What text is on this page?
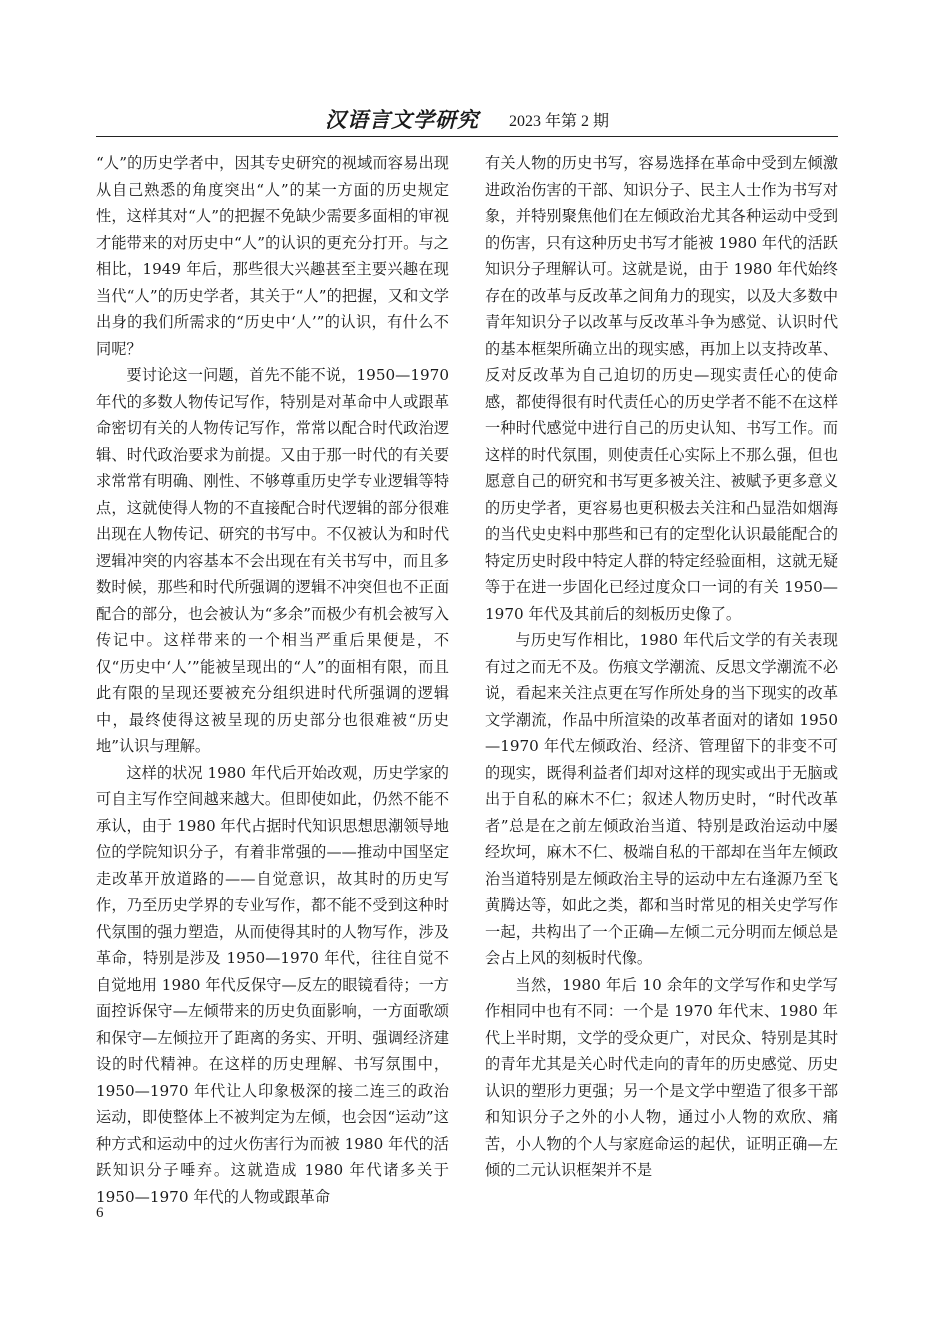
汉语言文学研究 2023 年第 2 期

“人”的历史学者中，因其专史研究的视域而容易出现从自己熟悉的角度突出“人”的某一方面的历史规定性，这样其对“人”的把握不免缺少需要多面相的审视才能带来的对历史中“人”的认识的更充分打开。与之相比，1949 年后，那些很大兴趣甚至主要兴趣在现当代“人”的历史学者，其关于“人”的把握，又和文学出身的我们所需求的“历史中‘人’”的认识，有什么不同呢？

要讨论这一问题，首先不能不说，1950—1970 年代的多数人物传记写作，特别是对革命中人或跟革命密切有关的人物传记写作，常常以配合时代政治逻辑、时代政治要求为前提。又由于那一时代的有关要求常常有明确、刚性、不够尊重历史学专业逻辑等特点，这就使得人物的不直接配合时代逻辑的部分很难出现在人物传记、研究的书写中。不仅被认为和时代逻辑冲突的内容基本不会出现在有关书写中，而且多数时候，那些和时代所强调的逻辑不冲突但也不正面配合的部分，也会被认为“多余”而极少有机会被写入传记中。这样带来的一个相当严重后果便是，不仅“历史中‘人’”能被呈现出的“人”的面相有限，而且此有限的呈现还要被充分组织进时代所强调的逻辑中，最终使得这被呈现的历史部分也很难被“历史地”认识与理解。

这样的状况 1980 年代后开始改观，历史学家的可自主写作空间越来越大。但即使如此，仍然不能不承认，由于 1980 年代占据时代知识思想思潮领导地位的学院知识分子，有着非常强的——推动中国坚定走改革开放道路的——自觉意识，故其时的历史写作，乃至历史学界的专业写作，都不能不受到这种时代氛围的强力塑造，从而使得其时的人物写作，涉及革命，特别是涉及 1950—1970 年代，往往自觉不自觉地用 1980 年代反保守—反左的眼镜看待；一方面控诉保守—左倾带来的历史负面影响，一方面歌颂和保守—左倾拉开了距离的务实、开明、强调经济建设的时代精神。在这样的历史理解、书写氛围中，1950—1970 年代让人印象极深的接二连三的政治运动，即使整体上不被判定为左倾，也会因“运动”这种方式和运动中的过火伤害行为而被 1980 年代的活跃知识分子唾弃。这就造成 1980 年代诸多关于 1950—1970 年代的人物或跟革命

有关人物的历史书写，容易选择在革命中受到左倾激进政治伤害的干部、知识分子、民主人士作为书写对象，并特别聚焦他们在左倾政治尤其各种运动中受到的伤害，只有这种历史书写才能被 1980 年代的活跃知识分子理解认可。这就是说，由于 1980 年代始终存在的改革与反改革之间角力的现实，以及大多数中青年知识分子以改革与反改革斗争为感觉、认识时代的基本框架所确立出的现实感，再加上以支持改革、反对反改革为自己迫切的历史—现实责任心的使命感，都使得很有时代责任心的历史学者不能不在这样一种时代感觉中进行自己的历史认知、书写工作。而这样的时代氛围，则使责任心实际上不那么强，但也愿意自己的研究和书写更多被关注、被赋予更多意义的历史学者，更容易也更积极去关注和凸显浩如烟海的当代史史料中那些和已有的定型化认识最能配合的特定历史时段中特定人群的特定经验面相，这就无疑等于在进一步固化已经过度众口一词的有关 1950—1970 年代及其前后的刻板历史像了。

与历史写作相比，1980 年代后文学的有关表现有过之而无不及。伤痕文学潮流、反思文学潮流不必说，看起来关注点更在写作所处身的当下现实的改革文学潮流，作品中所渲染的改革者面对的诸如 1950—1970 年代左倾政治、经济、管理留下的非变不可的现实，既得利益者们却对这样的现实或出于无脑或出于自私的麻木不仁；叙述人物历史时，“时代改革者”总是在之前左倾政治当道、特别是政治运动中屡经坎坷，麻木不仁、极端自私的干部却在当年左倾政治当道特别是左倾政治主导的运动中左右逢源乃至飞黄腾达等，如此之类，都和当时常见的相关史学写作一起，共构出了一个正确—左倾二元分明而左倾总是会占上风的刻板时代像。

当然，1980 年后 10 余年的文学写作和史学写作相同中也有不同：一个是 1970 年代末、1980 年代上半时期，文学的受众更广，对民众、特别是其时的青年尤其是关心时代走向的青年的历史感觉、历史认识的塑形力更强；另一个是文学中塑造了很多干部和知识分子之外的小人物，通过小人物的欢欣、痛苦，小人物的个人与家庭命运的起伏，证明正确—左倾的二元认识框架并不是

6
